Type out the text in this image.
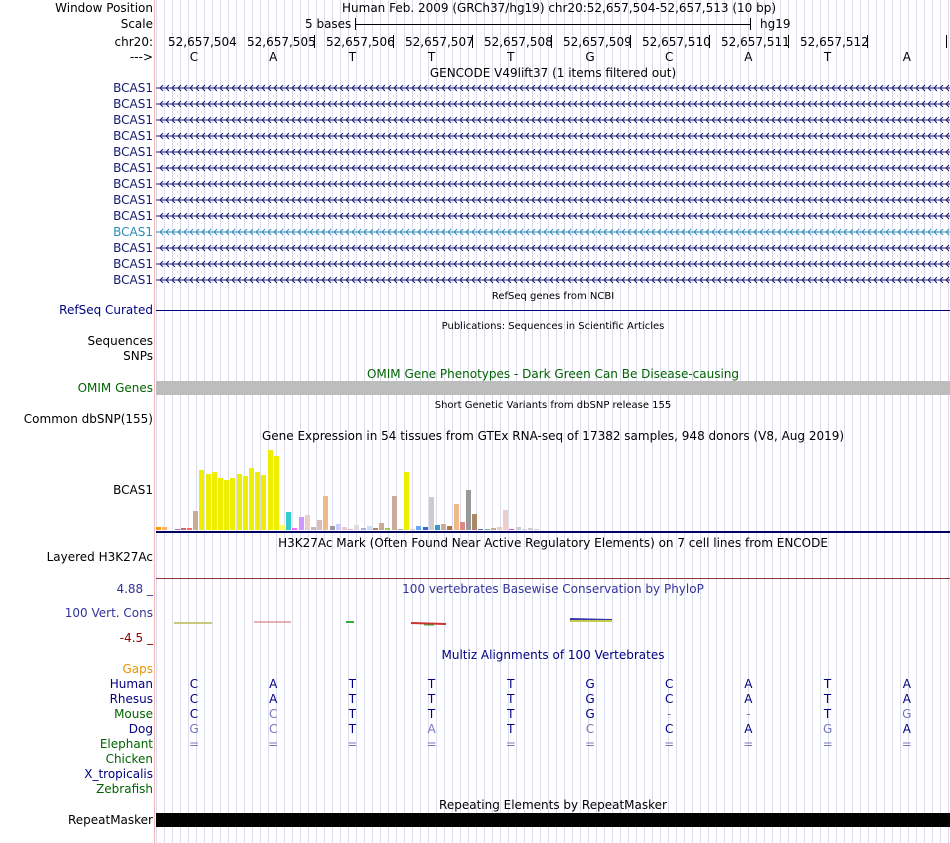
Window Position	Human Feb. 2009 (GRCh37/hg19) chr20:52,657,504-52,657,513 (10 bp)
Scale	5 bases	hg19
chr20: 52,657,504 52,657,505 52,657,506 52,657,507 52,657,508 52,657,509 52,657,510 52,657,511 52,657,512
--->	C	A	T	T	T	G	C	A	T	A
GENCODE V49lift37 (1 items filtered out)
BCAS1
BCAS1
BCAS1
BCAS1
BCAS1
BCAS1
BCAS1
BCAS1
BCAS1
BCAS1
BCAS1
BCAS1
BCAS1
RefSeq genes from NCBI
RefSeq Curated
Publications: Sequences in Scientific Articles
Sequences
SNPs
OMIM Gene Phenotypes - Dark Green Can Be Disease-causing
OMIM Genes
Short Genetic Variants from dbSNP release 155
Common dbSNP(155)
Gene Expression in 54 tissues from GTEx RNA-seq of 17382 samples, 948 donors (V8, Aug 2019)
BCAS1
H3K27Ac Mark (Often Found Near Active Regulatory Elements) on 7 cell lines from ENCODE
Layered H3K27Ac
100 vertebrates Basewise Conservation by PhyloP
4.88 _
100 Vert. Cons
-4.5 _
Multiz Alignments of 100 Vertebrates
Gaps
Human	C	A	T	T	T	G	C	A	T	A
Rhesus	C	A	T	T	T	G	C	A	T	A
Mouse	C	C	T	T	T	G	-	-	T	G
Dog	G	C	T	A	T	C	C	A	G	A
Elephant	=	=	=	=	=	=	=	=	=	=
Chicken
X_tropicalis
Zebrafish
Repeating Elements by RepeatMasker
RepeatMasker
